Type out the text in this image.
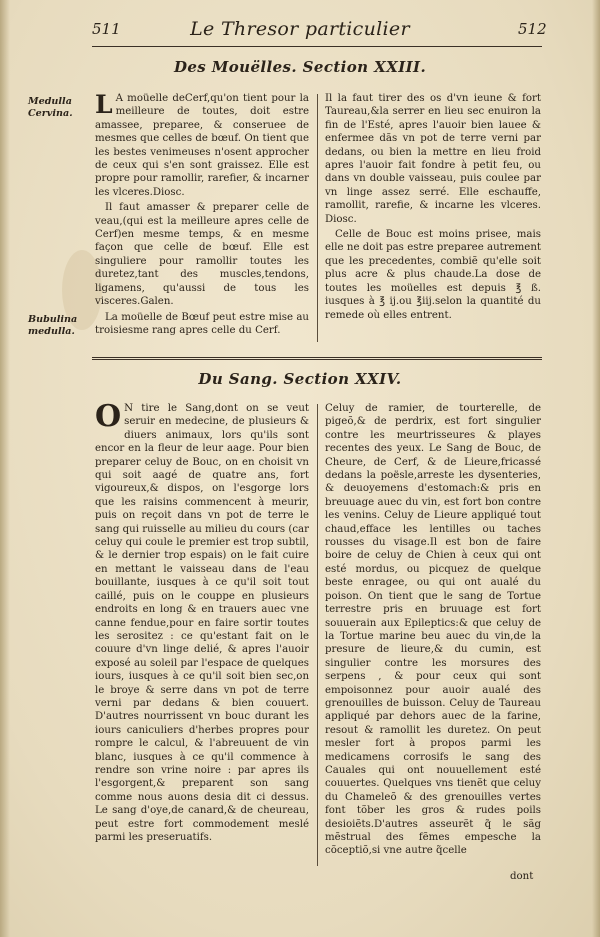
511	Le Thresor particulier	512
Des Mouëlles. Section XXIII.
Medulla Cervina.
Bubulina medulla.

L A moüelle deCerf,qu'on tient pour la meilleure de toutes, doit estre amassee, preparee, & conseruee de mesmes que celles de bœuf. On tient que les bestes venimeuses n'osent approcher de ceux qui s'en sont graissez. Elle est propre pour ramollir, rarefier, & incarner les vlceres.Diosc.

Il faut amasser & preparer celle de veau,(qui est la meilleure apres celle de Cerf)en mesme temps, & en mesme façon que celle de bœuf. Elle est singuliere pour ramollir toutes les duretez,tant des muscles,tendons, ligamens, qu'aussi de tous les visceres.Galen.

La moüelle de Bœuf peut estre mise au troisiesme rang apres celle du Cerf.

Il la faut tirer des os d'vn ieune & fort Taureau,&la serrer en lieu sec enuiron la fin de l'Esté, apres l'auoir bien lauee & enfermee dãs vn pot de terre verni par dedans, ou bien la mettre en lieu froid apres l'auoir fait fondre à petit feu, ou dans vn double vaisseau, puis coulee par vn linge assez serré. Elle eschauffe, ramollit, rarefie, & incarne les vlceres. Diosc.

Celle de Bouc est moins prisee, mais elle ne doit pas estre preparee autrement que les precedentes, combiẽ qu'elle soit plus acre & plus chaude.La dose de toutes les moüelles est depuis ℥ ß. iusques à ℥ ij.ou ℥iij.selon la quantité du remede où elles entrent.

Du Sang. Section XXIV.

O N tire le Sang,dont on se veut seruir en medecine, de plusieurs & diuers animaux, lors qu'ils sont encor en la fleur de leur aage. Pour bien preparer celuy de Bouc, on en choisit vn qui soit aagé de quatre ans, fort vigoureux,& dispos, on l'esgorge lors que les raisins commencent à meurir, puis on reçoit dans vn pot de terre le sang qui ruisselle au milieu du cours (car celuy qui coule le premier est trop subtil, & le dernier trop espais) on le fait cuire en mettant le vaisseau dans de l'eau bouillante, iusques à ce qu'il soit tout caillé, puis on le couppe en plusieurs endroits en long & en trauers auec vne canne fendue,pour en faire sortir toutes les serositez : ce qu'estant fait on le couure d'vn linge delié, & apres l'auoir exposé au soleil par l'espace de quelques iours, iusques à ce qu'il soit bien sec,on le broye & serre dans vn pot de terre verni par dedans & bien couuert. D'autres nourrissent vn bouc durant les iours caniculiers d'herbes propres pour rompre le calcul, & l'abreuuent de vin blanc, iusques à ce qu'il commence à rendre son vrine noire : par apres ils l'esgorgent,& preparent son sang comme nous auons desia dit ci dessus. Le sang d'oye,de canard,& de cheureau, peut estre fort commodement meslé parmi les preseruatifs.

Celuy de ramier, de tourterelle, de pigeõ,& de perdrix, est fort singulier contre les meurtrisseures & playes recentes des yeux. Le Sang de Bouc, de Cheure, de Cerf, & de Lieure,fricassé dedans la poësle,arreste les dysenteries, & deuoyemens d'estomach:& pris en breuuage auec du vin, est fort bon contre les venins. Celuy de Lieure appliqué tout chaud,efface les lentilles ou taches rousses du visage.Il est bon de faire boire de celuy de Chien à ceux qui ont esté mordus, ou picquez de quelque beste enragee, ou qui ont aualé du poison. On tient que le sang de Tortue terrestre pris en bruuage est fort souuerain aux Epileptics:& que celuy de la Tortue marine beu auec du vin,de la presure de lieure,& du cumin, est singulier contre les morsures des serpens , & pour ceux qui sont empoisonnez pour auoir aualé des grenouilles de buisson. Celuy de Taureau appliqué par dehors auec de la farine, resout & ramollit les duretez. On peut mesler fort à propos parmi les medicamens corrosifs le sang des Cauales qui ont nouuellement esté couuertes. Quelques vns tienẽt que celuy du Chameleõ & des grenouilles vertes font tõber les gros & rudes poils desioiẽts.D'autres asseurẽt q̃ le sãg mẽstrual des fẽmes empesche la cõceptiõ,si vne autre q̃celle

dont
